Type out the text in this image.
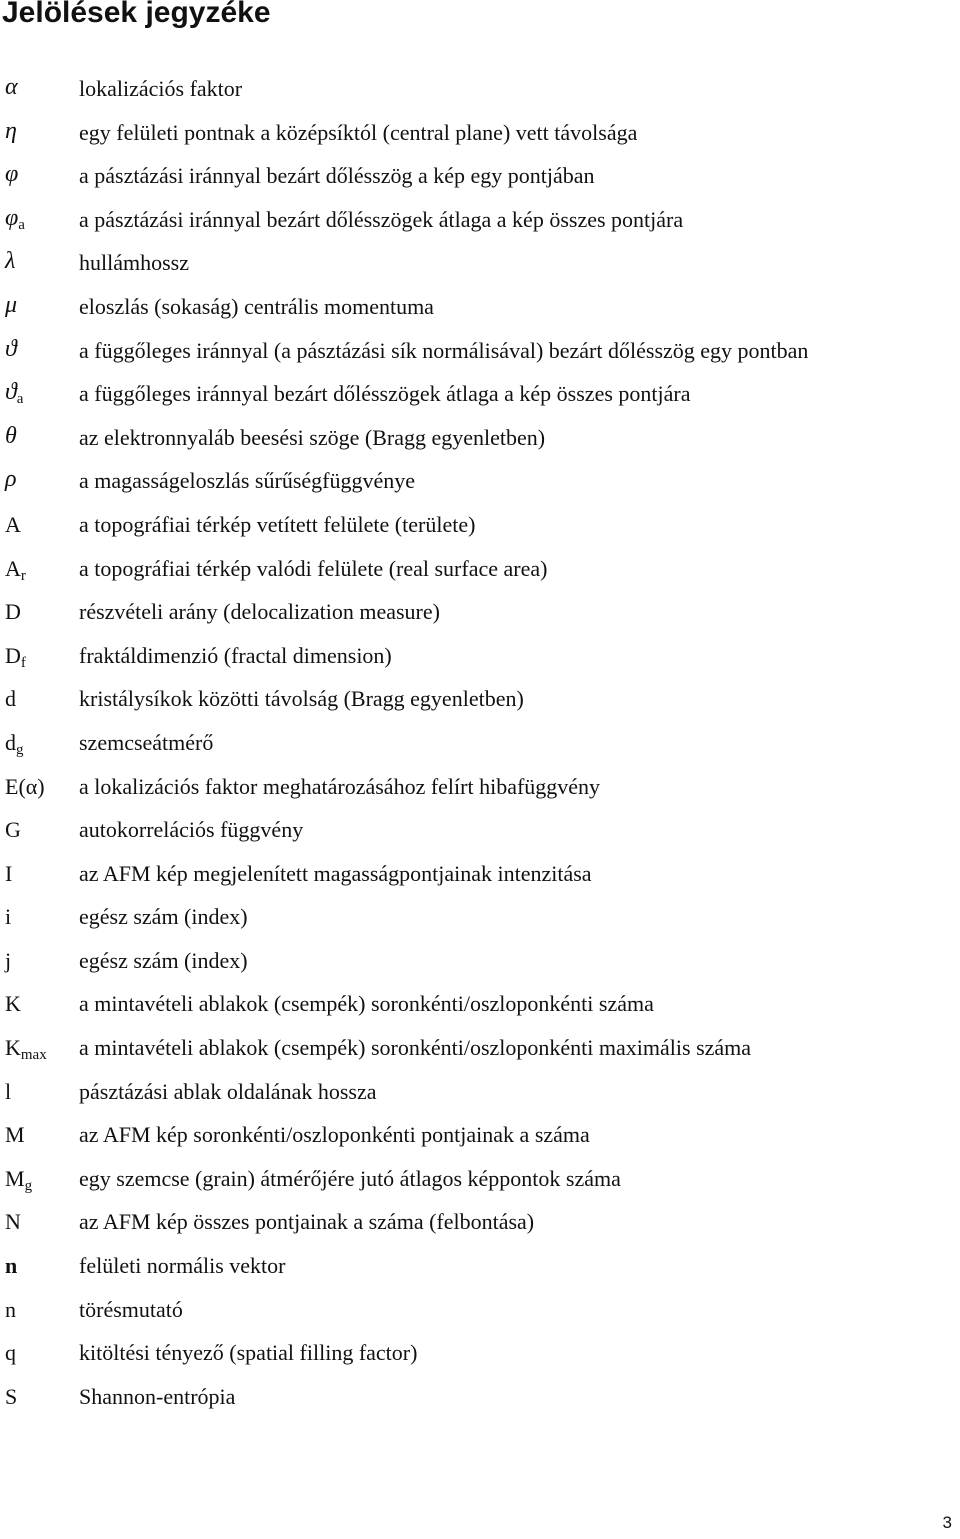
Jelölések jegyzéke
α	lokalizációs faktor
η	egy felületi pontnak a középsíktól (central plane) vett távolsága
φ	a pásztázási iránnyal bezárt dőlésszög a kép egy pontjában
$\varphi_a$ a pásztázási iránnyal bezárt dőlésszögek átlaga a kép összes pontjára
λ	hullámhossz
μ	eloszlás (sokaság) centrális momentuma
ϑ	a függőleges iránnyal (a pásztázási sík normálisával) bezárt dőlésszög egy pontban
$ϑ_a$	a függőleges iránnyal bezárt dőlésszögek átlaga a kép összes pontjára
θ	az elektronnyaláb beesési szöge (Bragg egyenletben)
ρ	a magasságeloszlás sűrűségfüggvénye
A	a topográfiai térkép vetített felülete (területe)
$A_r$ a topográfiai térkép valódi felülete (real surface area)
D	részvételi arány (delocalization measure)
$D_f$ fraktáldimenzió (fractal dimension)
d	kristálysíkok közötti távolság (Bragg egyenletben)
$d_g$	szemcseátmérő
E(α) a lokalizációs faktor meghatározásához felírt hibafüggvény
G	autokorrelációs függvény
I	az AFM kép megjelenített magasságpontjainak intenzitása
i	egész szám (index)
j	egész szám (index)
K	a mintavételi ablakok (csempék) soronkénti/oszloponkénti száma
$K_{max}$ a mintavételi ablakok (csempék) soronkénti/oszloponkénti maximális száma
l	pásztázási ablak oldalának hossza
M az AFM kép soronkénti/oszloponkénti pontjainak a száma
$M_g$ egy szemcse (grain) átmérőjére jutó átlagos képpontok száma
N	az AFM kép összes pontjainak a száma (felbontása)
n	felületi normális vektor
n	törésmutató
q	kitöltési tényező (spatial filling factor)
S	Shannon-entrópia
3
